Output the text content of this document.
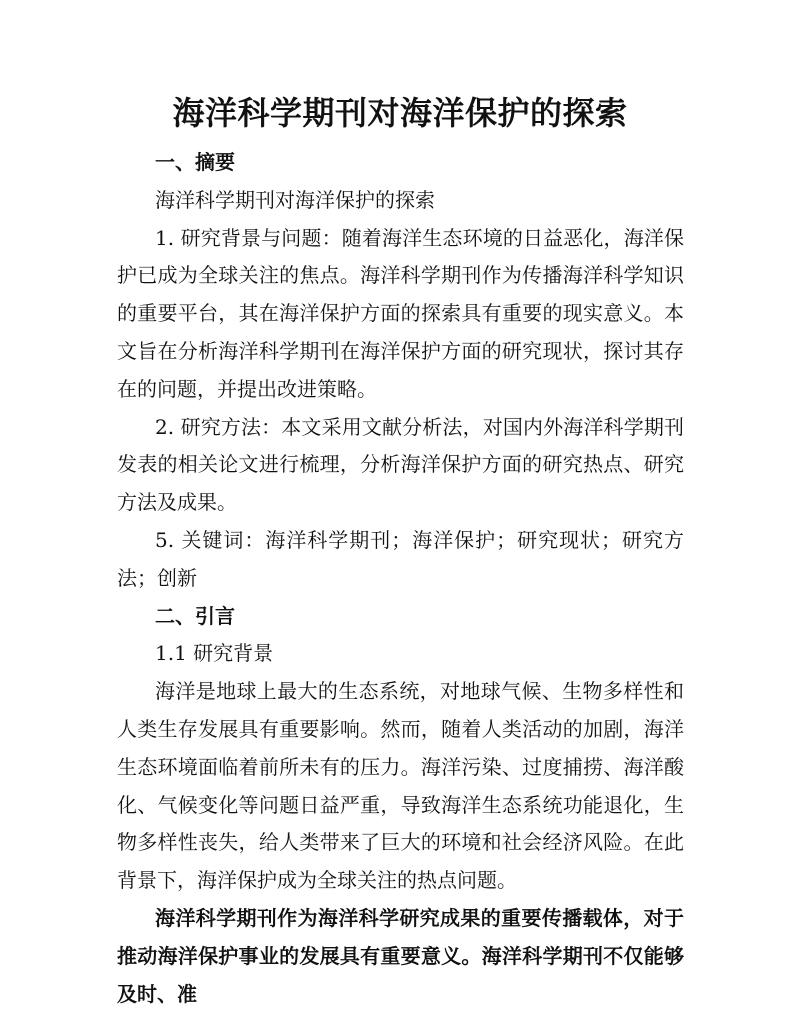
海洋科学期刊对海洋保护的探索

一、摘要

海洋科学期刊对海洋保护的探索

1. 研究背景与问题：随着海洋生态环境的日益恶化，海洋保护已成为全球关注的焦点。海洋科学期刊作为传播海洋科学知识的重要平台，其在海洋保护方面的探索具有重要的现实意义。本文旨在分析海洋科学期刊在海洋保护方面的研究现状，探讨其存在的问题，并提出改进策略。

2. 研究方法：本文采用文献分析法，对国内外海洋科学期刊发表的相关论文进行梳理，分析海洋保护方面的研究热点、研究方法及成果。

5. 关键词：海洋科学期刊；海洋保护；研究现状；研究方法；创新

二、引言

1.1 研究背景

海洋是地球上最大的生态系统，对地球气候、生物多样性和人类生存发展具有重要影响。然而，随着人类活动的加剧，海洋生态环境面临着前所未有的压力。海洋污染、过度捕捞、海洋酸化、气候变化等问题日益严重，导致海洋生态系统功能退化，生物多样性丧失，给人类带来了巨大的环境和社会经济风险。在此背景下，海洋保护成为全球关注的热点问题。

海洋科学期刊作为海洋科学研究成果的重要传播载体，对于推动海洋保护事业的发展具有重要意义。海洋科学期刊不仅能够及时、准
